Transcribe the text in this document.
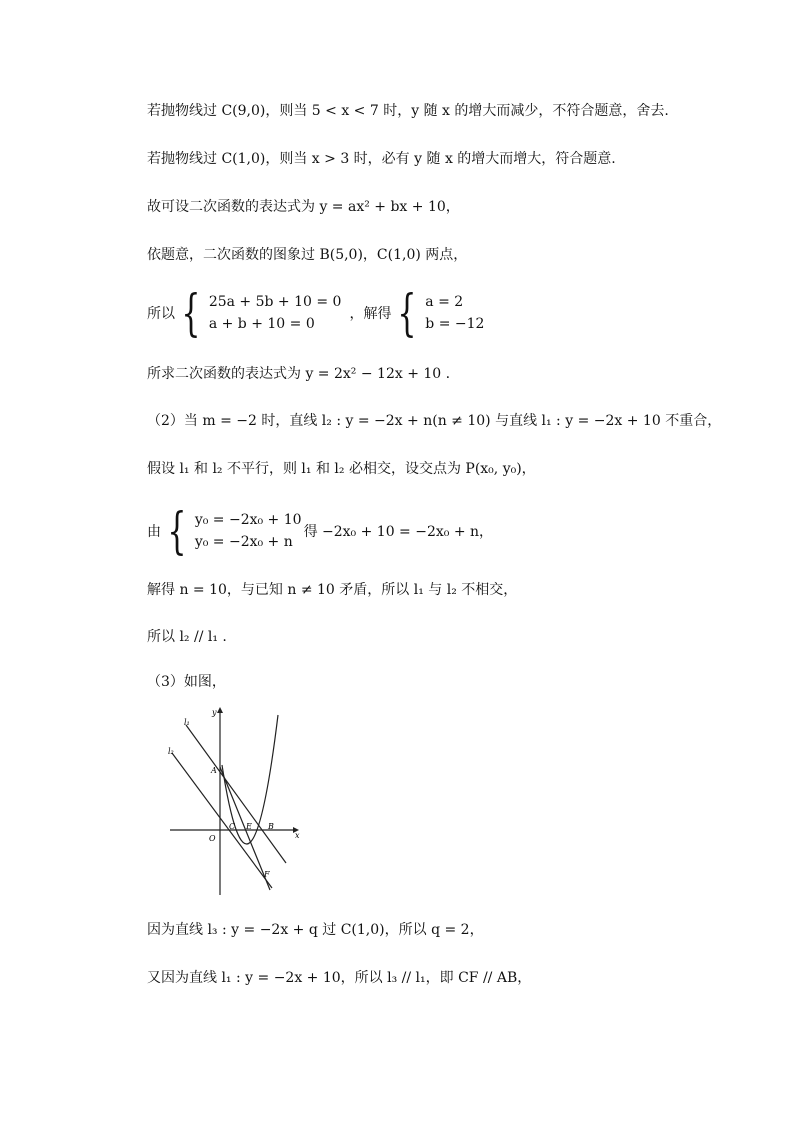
若抛物线过 C(9,0)，则当 5 < x < 7 时，y 随 x 的增大而减少，不符合题意，舍去.
若抛物线过 C(1,0)，则当 x > 3 时，必有 y 随 x 的增大而增大，符合题意.
故可设二次函数的表达式为 y = ax² + bx + 10，
依题意，二次函数的图象过 B(5,0)，C(1,0) 两点，
所以 { 25a + 5b + 10 = 0
a + b + 10 = 0
，解得 { a = 2
b = −12
所求二次函数的表达式为 y = 2x² − 12x + 10 .
（2）当 m = −2 时，直线 l₂ : y = −2x + n(n ≠ 10) 与直线 l₁ : y = −2x + 10 不重合，
假设 l₁ 和 l₂ 不平行，则 l₁ 和 l₂ 必相交，设交点为 P(x₀, y₀)，
由 { y₀ = −2x₀ + 10
y₀ = −2x₀ + n
得 −2x₀ + 10 = −2x₀ + n，
解得 n = 10，与已知 n ≠ 10 矛盾，所以 l₁ 与 l₂ 不相交，
所以 l₂ // l₁ .
（3）如图，
y
x
O
A
B
C E
F
l₁
l₂
因为直线 l₃ : y = −2x + q 过 C(1,0)，所以 q = 2，
又因为直线 l₁ : y = −2x + 10，所以 l₃ // l₁，即 CF // AB，
